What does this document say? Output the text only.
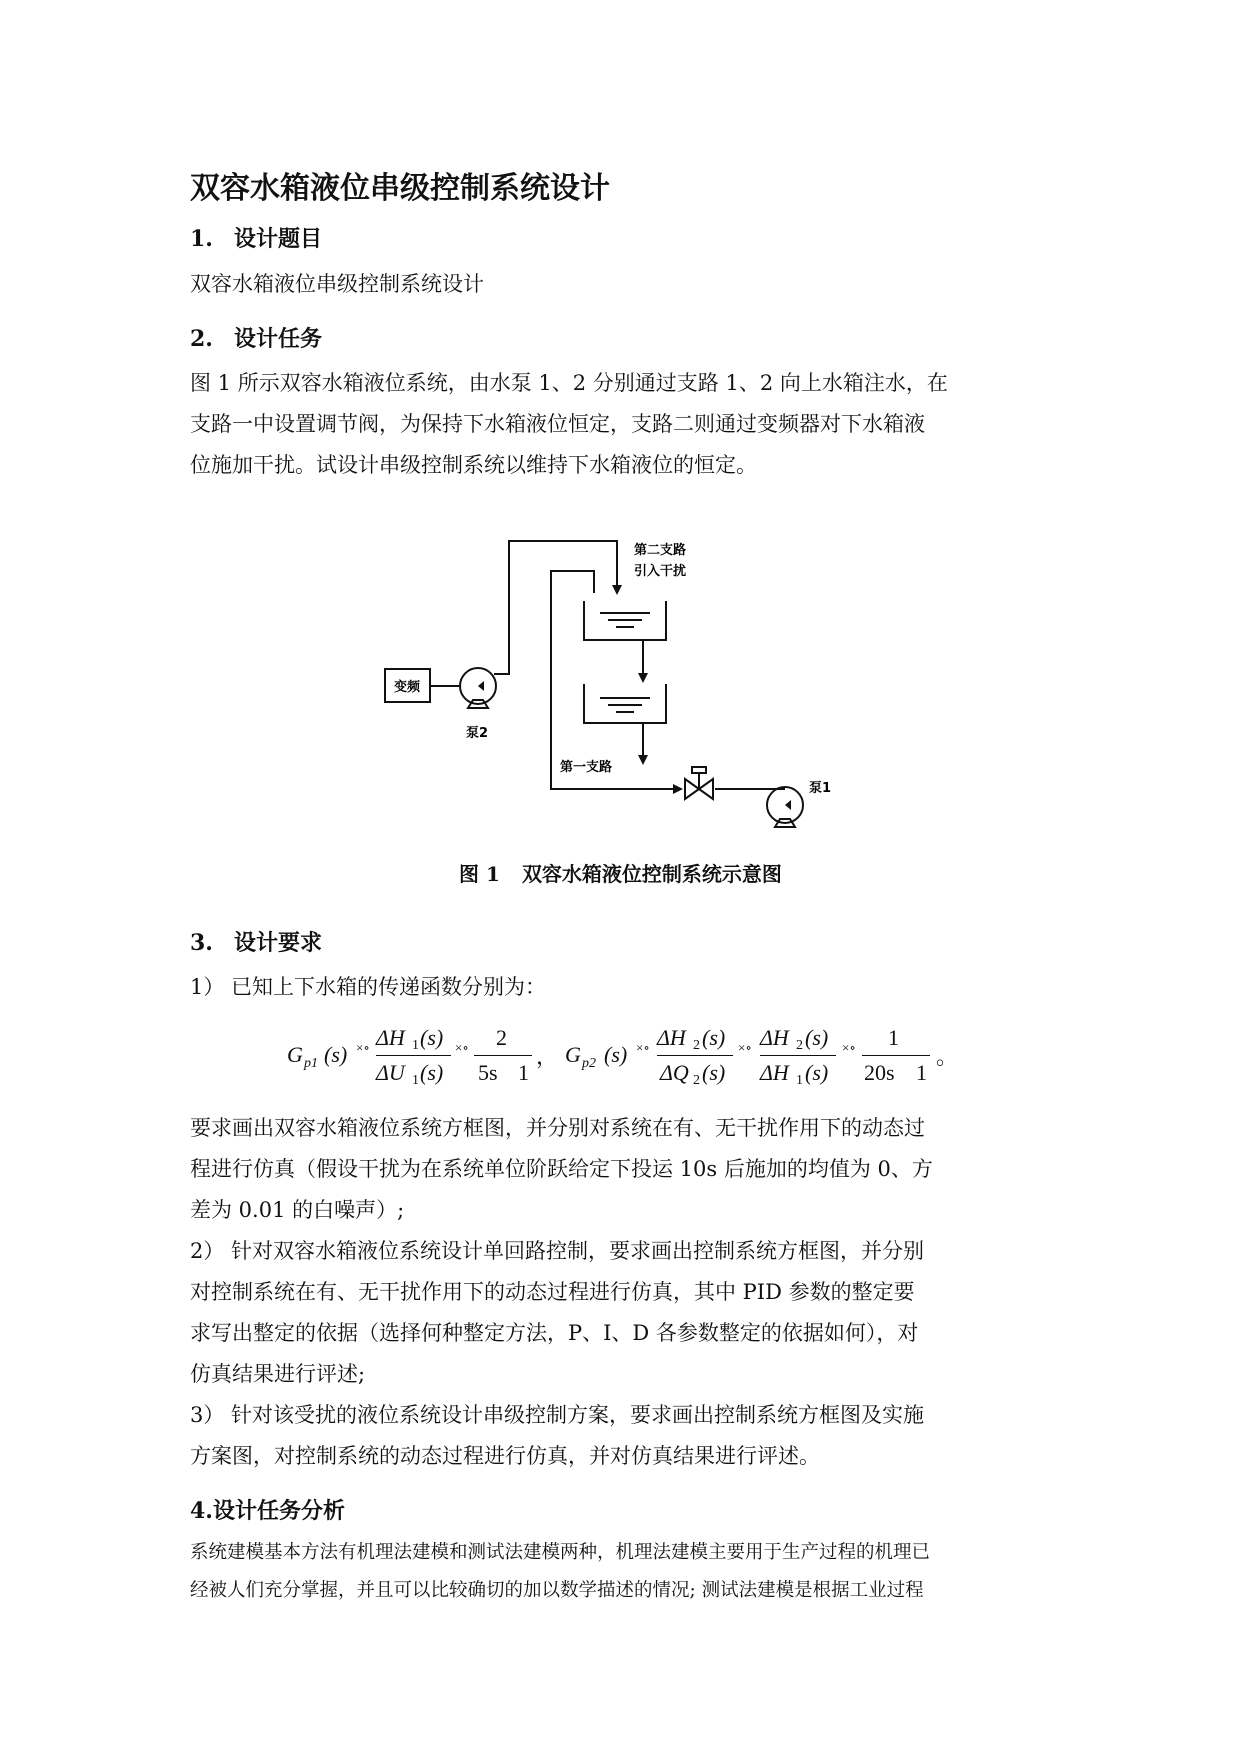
双容水箱液位串级控制系统设计
1. 设计题目
双容水箱液位串级控制系统设计
2. 设计任务
图 1 所示双容水箱液位系统，由水泵 1、2 分别通过支路 1、2 向上水箱注水，在
支路一中设置调节阀，为保持下水箱液位恒定，支路二则通过变频器对下水箱液
位施加干扰。试设计串级控制系统以维持下水箱液位的恒定。
变频
泵2
泵1
第二支路
引入干扰
第一支路
图 1 双容水箱液位控制系统示意图
3. 设计要求
1） 已知上下水箱的传递函数分别为：
G p1 (s) ×∘ ΔH 1 (s)
ΔU 1 (s)
×∘ 2
5s 1
， G p2 (s) ×∘ ΔH 2 (s)
ΔQ 2 (s)
×∘ ΔH 2 (s)
ΔH 1 (s)
×∘ 1
20s 1
。
要求画出双容水箱液位系统方框图，并分别对系统在有、无干扰作用下的动态过
程进行仿真（假设干扰为在系统单位阶跃给定下投运 10s 后施加的均值为 0、方
差为 0.01 的白噪声）;
2） 针对双容水箱液位系统设计单回路控制，要求画出控制系统方框图，并分别
对控制系统在有、无干扰作用下的动态过程进行仿真，其中 PID 参数的整定要
求写出整定的依据（选择何种整定方法，P、I、D 各参数整定的依据如何），对
仿真结果进行评述;
3） 针对该受扰的液位系统设计串级控制方案，要求画出控制系统方框图及实施
方案图，对控制系统的动态过程进行仿真，并对仿真结果进行评述。
4.设计任务分析
系统建模基本方法有机理法建模和测试法建模两种，机理法建模主要用于生产过程的机理已
经被人们充分掌握，并且可以比较确切的加以数学描述的情况; 测试法建模是根据工业过程
